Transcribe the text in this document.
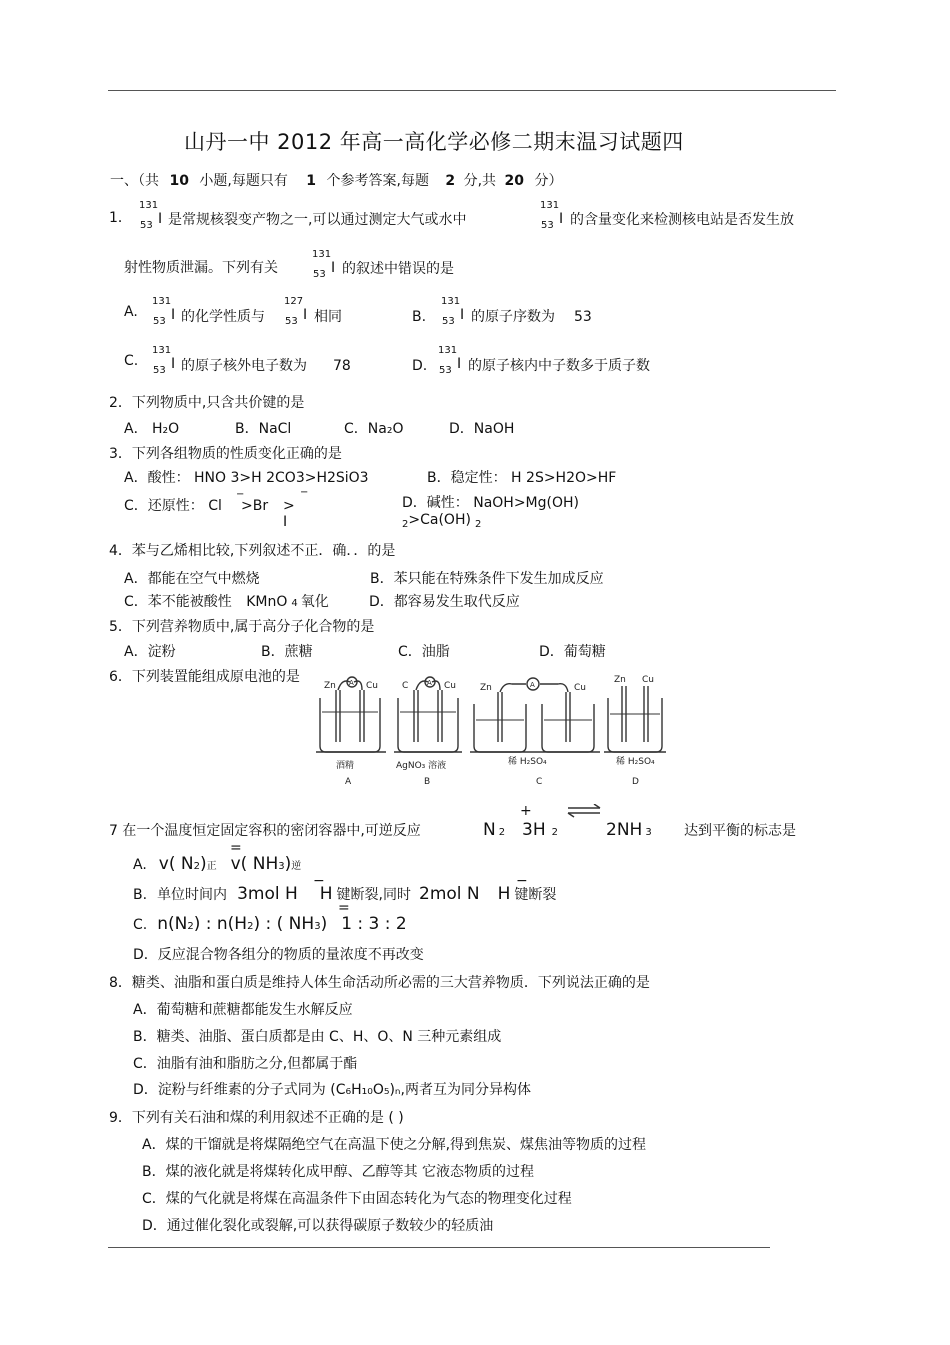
山丹一中 2012 年高一高化学必修二期末温习试题四
一、（共 10 小题,每题只有 1 个参考答案,每题 2 分,共 20 分）
1．
131
53 I 是常规核裂变产物之一,可以通过测定大气或水中
131
53 I 的含量变化来检测核电站是否发生放
射性物质泄漏。下列有关
131
53 I 的叙述中错误的是
A.
131
53 I 的化学性质与
127
53 I 相同	B.
131
53 I 的原子序数为 53
C.
131
53 I 的原子核外电子数为 78	D.
131
53 I 的原子核内中子数多于质子数
2．下列物质中,只含共价键的是
A． H₂O	B．NaCl	C．Na₂O	D．NaOH
3．下列各组物质的性质变化正确的是
A．酸性： HNO 3>H 2CO3>H2SiO3	B．稳定性： H 2S>H2O>HF
C．还原性： Cl
−
>Br
−
>
I
D．碱性： NaOH>Mg(OH)
$_2$>Ca(OH) $_2$
4．苯与乙烯相比较,下列叙述不正．确．．的是
A．都能在空气中燃烧	B．苯只能在特殊条件下发生加成反应
C．苯不能被酸性 KMnO 4 氧化	D．都容易发生取代反应
5．下列营养物质中,属于高分子化合物的是
A．淀粉	B．蔗糖	C．油脂	D．葡萄糖
6．下列装置能组成原电池的是
Zn	Cu
A
酒精
A
C	Cu
A
AgNO₃ 溶液
B
Zn	Cu
A
稀 H₂SO₄
C
Zn Cu
稀 H₂SO₄
D
7 在一个温度恒定固定容积的密闭容器中,可逆反应	N 2
+
3H 2	2NH 3 达到平衡的标志是
A. v( N2)正 v( NH3)逆
=
B. 单位时间内 3mol H H 键断裂,同时 2mol N H 键断裂
−	−
C. n(N2) : n(H2) : ( NH3) 1 : 3 : 2
=
D．反应混合物各组分的物质的量浓度不再改变
8．糖类、油脂和蛋白质是维持人体生命活动所必需的三大营养物质．下列说法正确的是
A．葡萄糖和蔗糖都能发生水解反应
B．糖类、油脂、蛋白质都是由 C、H、O、N 三种元素组成
C．油脂有油和脂肪之分,但都属于酯
D．淀粉与纤维素的分子式同为 (C₆H₁₀O₅)ₙ,两者互为同分异构体
9．下列有关石油和煤的利用叙述不正确的是 ( )
A．煤的干馏就是将煤隔绝空气在高温下使之分解,得到焦炭、煤焦油等物质的过程
B．煤的液化就是将煤转化成甲醇、乙醇等其 它液态物质的过程
C．煤的气化就是将煤在高温条件下由固态转化为气态的物理变化过程
D．通过催化裂化或裂解,可以获得碳原子数较少的轻质油
